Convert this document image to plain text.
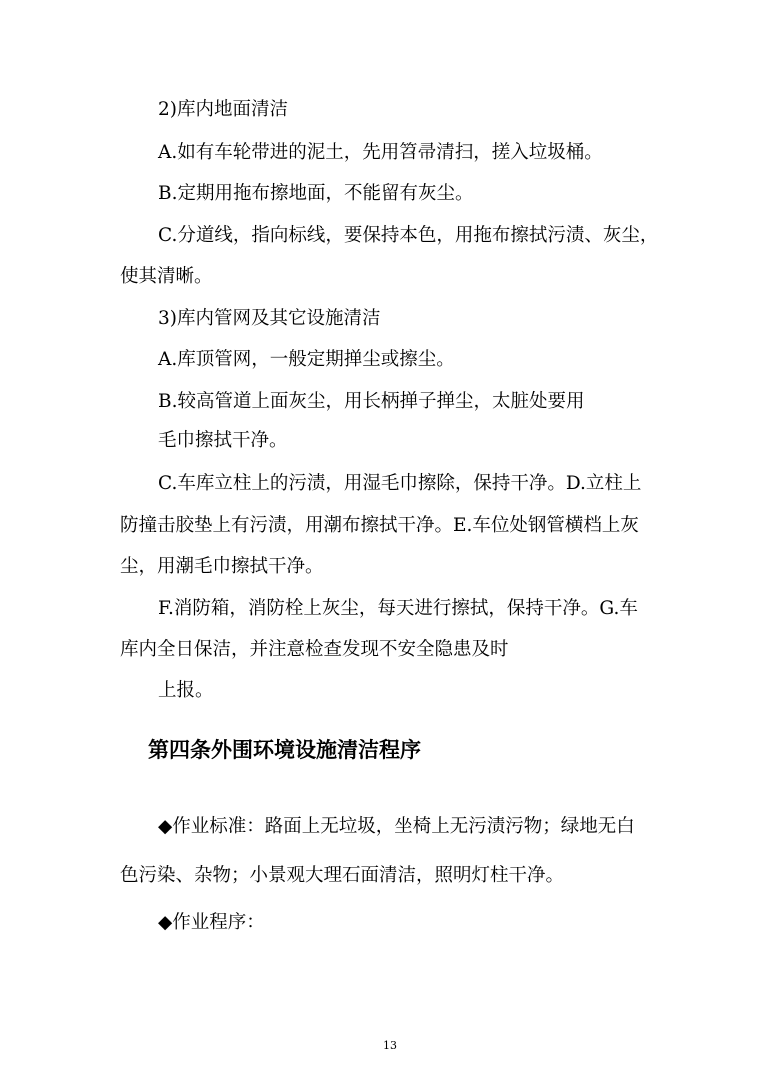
2)库内地面清洁
A.如有车轮带进的泥土，先用笤帚清扫，搓入垃圾桶。
B.定期用拖布擦地面，不能留有灰尘。
C.分道线，指向标线，要保持本色，用拖布擦拭污渍、灰尘，
使其清晰。
3)库内管网及其它设施清洁
A.库顶管网，一般定期掸尘或擦尘。
B.较高管道上面灰尘，用长柄掸子掸尘，太脏处要用
毛巾擦拭干净。
C.车库立柱上的污渍，用湿毛巾擦除，保持干净。D.立柱上
防撞击胶垫上有污渍，用潮布擦拭干净。E.车位处钢管横档上灰
尘，用潮毛巾擦拭干净。
F.消防箱，消防栓上灰尘，每天进行擦拭，保持干净。G.车
库内全日保洁，并注意检查发现不安全隐患及时
上报。
第四条外围环境设施清洁程序
◆作业标准：路面上无垃圾，坐椅上无污渍污物；绿地无白
色污染、杂物；小景观大理石面清洁，照明灯柱干净。
◆作业程序：
13
